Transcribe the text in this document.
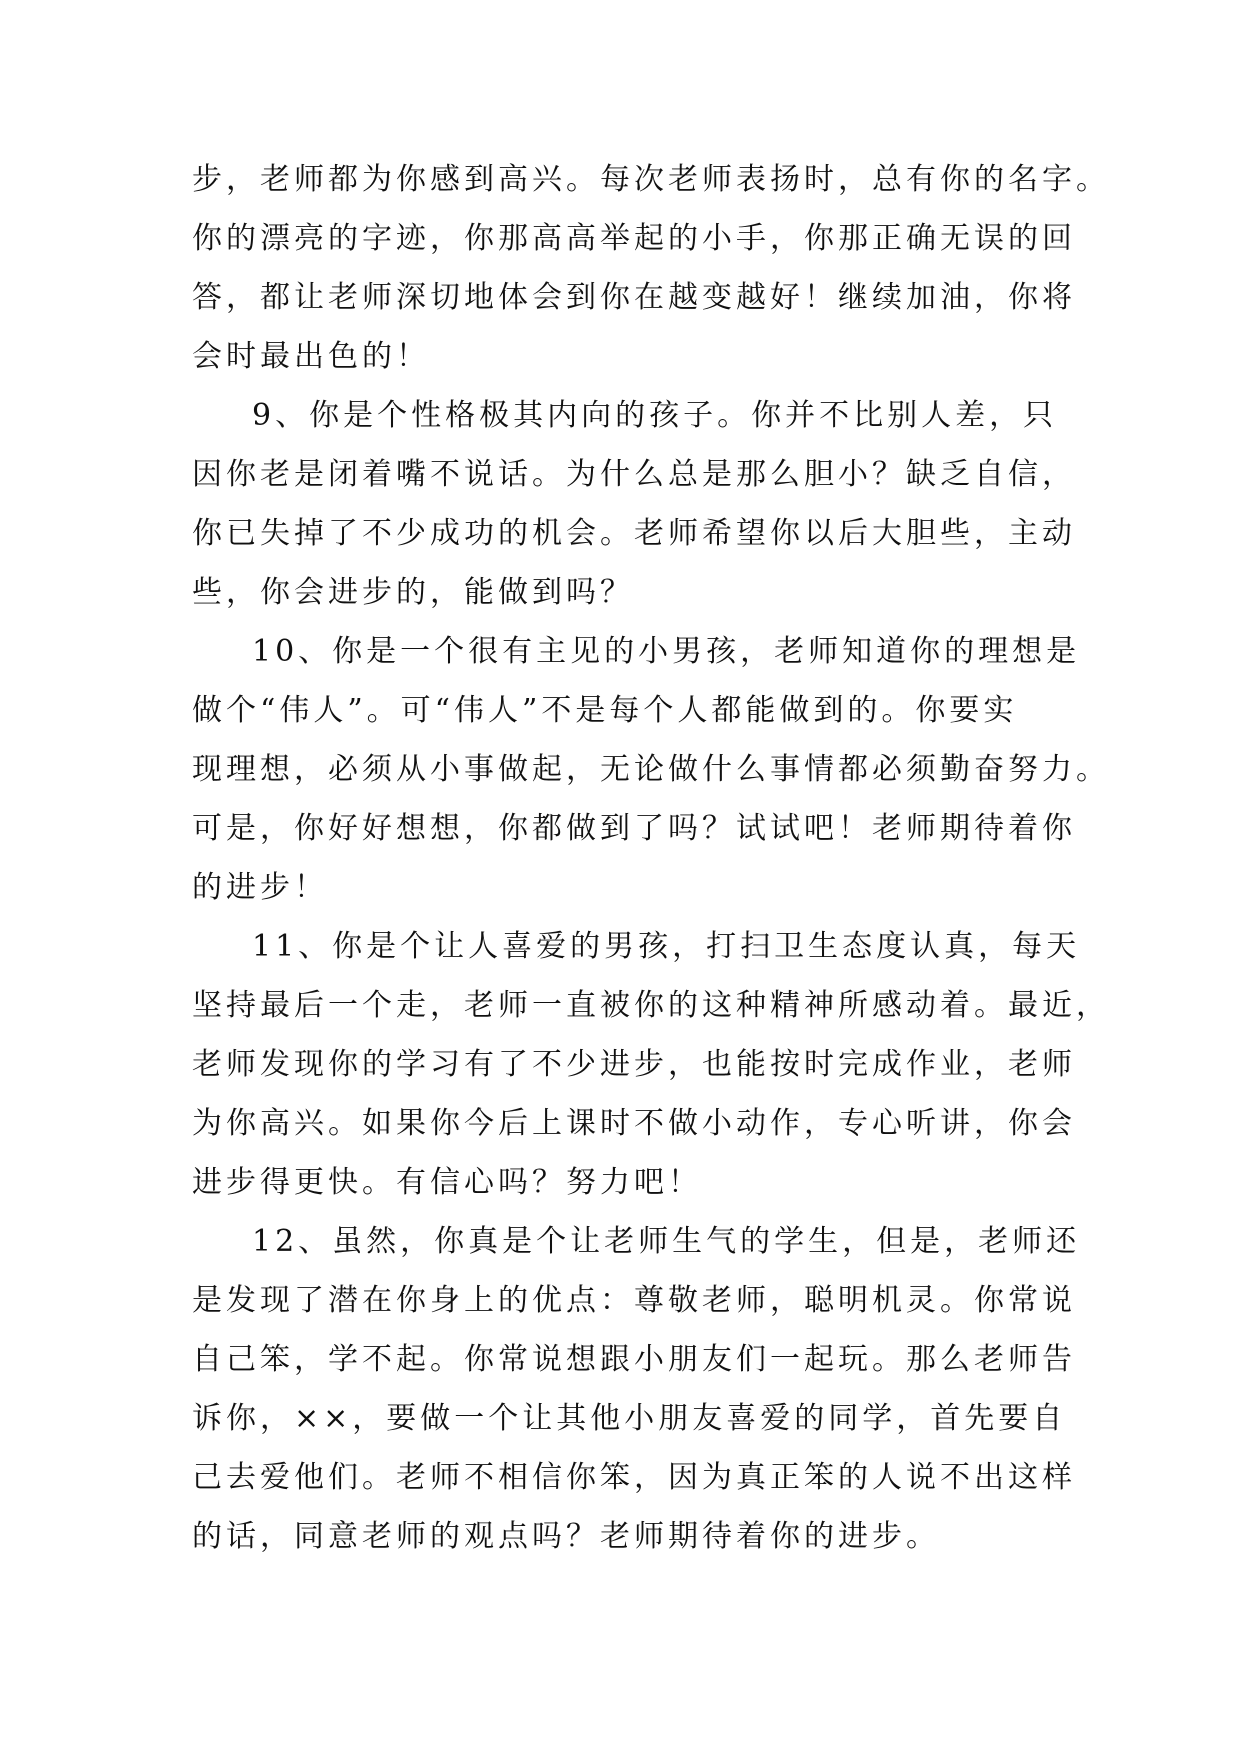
步，老师都为你感到高兴。每次老师表扬时，总有你的名字。
你的漂亮的字迹，你那高高举起的小手，你那正确无误的回
答，都让老师深切地体会到你在越变越好！继续加油，你将
会时最出色的！
9、你是个性格极其内向的孩子。你并不比别人差，只
因你老是闭着嘴不说话。为什么总是那么胆小？缺乏自信，
你已失掉了不少成功的机会。老师希望你以后大胆些，主动
些，你会进步的，能做到吗？
10、你是一个很有主见的小男孩，老师知道你的理想是
做个“伟人”。可“伟人”不是每个人都能做到的。你要实
现理想，必须从小事做起，无论做什么事情都必须勤奋努力。
可是，你好好想想，你都做到了吗？试试吧！老师期待着你
的进步！
11、你是个让人喜爱的男孩，打扫卫生态度认真，每天
坚持最后一个走，老师一直被你的这种精神所感动着。最近，
老师发现你的学习有了不少进步，也能按时完成作业，老师
为你高兴。如果你今后上课时不做小动作，专心听讲，你会
进步得更快。有信心吗？努力吧！
12、虽然，你真是个让老师生气的学生，但是，老师还
是发现了潜在你身上的优点：尊敬老师，聪明机灵。你常说
自己笨，学不起。你常说想跟小朋友们一起玩。那么老师告
诉你，××，要做一个让其他小朋友喜爱的同学，首先要自
己去爱他们。老师不相信你笨，因为真正笨的人说不出这样
的话，同意老师的观点吗？老师期待着你的进步。
